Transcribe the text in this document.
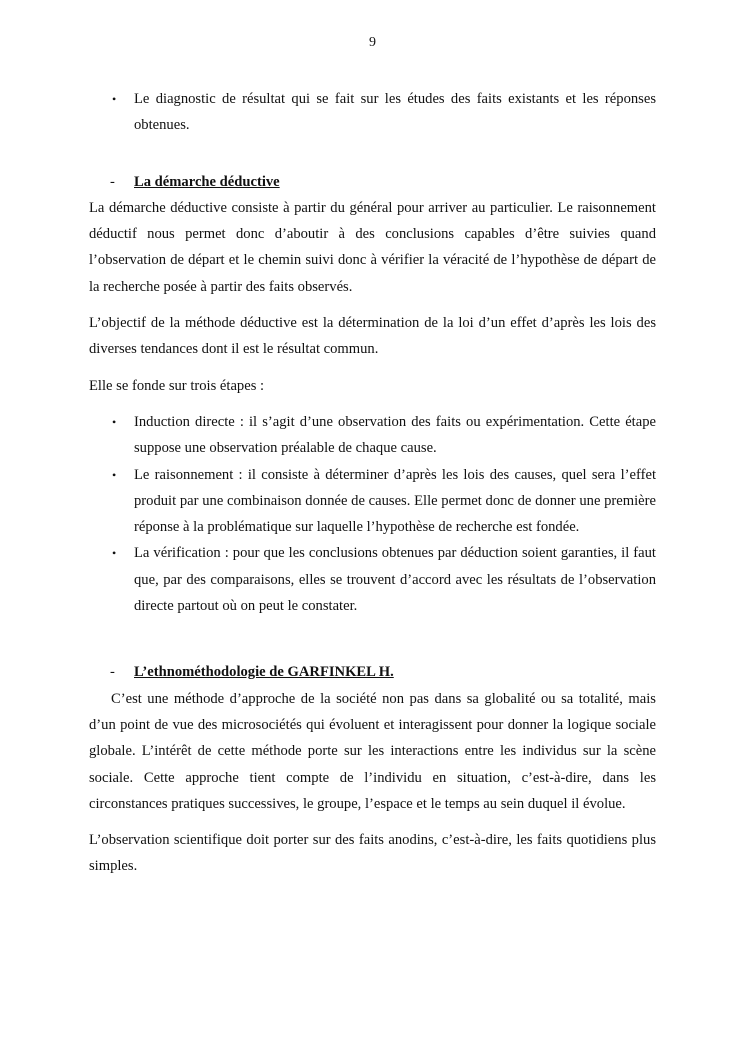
9
• Le diagnostic de résultat qui se fait sur les études des faits existants et les réponses obtenues.
- La démarche déductive

La démarche déductive consiste à partir du général pour arriver au particulier. Le raisonnement déductif nous permet donc d’aboutir à des conclusions capables d’être suivies quand l’observation de départ et le chemin suivi donc à vérifier la véracité de l’hypothèse de départ de la recherche posée à partir des faits observés.

L’objectif de la méthode déductive est la détermination de la loi d’un effet d’après les lois des diverses tendances dont il est le résultat commun.

Elle se fonde sur trois étapes :

• Induction directe : il s’agit d’une observation des faits ou expérimentation. Cette étape suppose une observation préalable de chaque cause.
• Le raisonnement : il consiste à déterminer d’après les lois des causes, quel sera l’effet produit par une combinaison donnée de causes. Elle permet donc de donner une première réponse à la problématique sur laquelle l’hypothèse de recherche est fondée.
• La vérification : pour que les conclusions obtenues par déduction soient garanties, il faut que, par des comparaisons, elles se trouvent d’accord avec les résultats de l’observation directe partout où on peut le constater.
- L’ethnométhodologie de GARFINKEL H.

C’est une méthode d’approche de la société non pas dans sa globalité ou sa totalité, mais d’un point de vue des microsociétés qui évoluent et interagissent pour donner la logique sociale globale. L’intérêt de cette méthode porte sur les interactions entre les individus sur la scène sociale. Cette approche tient compte de l’individu en situation, c’est-à-dire, dans les circonstances pratiques successives, le groupe, l’espace et le temps au sein duquel il évolue.

L’observation scientifique doit porter sur des faits anodins, c’est-à-dire, les faits quotidiens plus simples.
